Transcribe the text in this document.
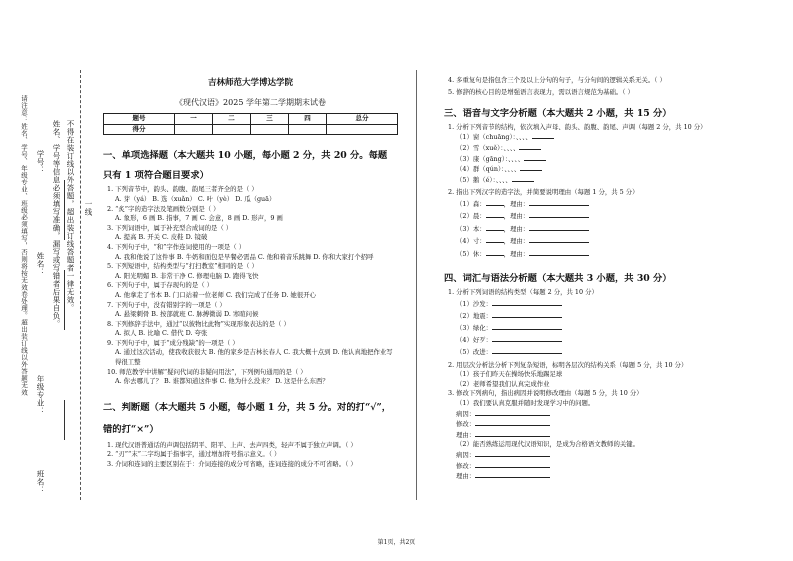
学号：
姓名：
年级专业：
班名：
姓名、学号等信息必须填写准确，漏写或写错者后果自负。 不得在装订线以外答题，超出装订线答题者一律无效。
请注意：姓名、学号、年级专业、班级必须填写，否则将按无效卷处理。超出装订线以外答题无效	一线
吉林师范大学博达学院
《现代汉语》2025 学年第二学期期末试卷
题号	一	二	三	四	总分
得分					
一、单项选择题（本大题共 10 小题，每小题 2 分，共 20 分。每题
只有 1 项符合题目要求）
1. 下列音节中，韵头、韵腹、韵尾三者齐全的是（ ）
A. 芽（yá） B. 选（xuǎn） C. 叶（yè） D. 瓜（guā）
2. “炙”字的造字法及笔画数分别是（ ）
A. 象形，6 画 B. 指事，7 画 C. 会意，8 画 D. 形声，9 画
3. 下列词语中，属于补充型合成词的是（ ）
A. 提高 B. 开关 C. 皮鞋 D. 镜破
4. 下列句子中，“和”字作连词使用的一项是（ ）
A. 我和他说了这件事 B. 牛奶和面包是早餐必需品 C. 他和着音乐跳舞 D. 你和大家打个招呼
5. 下列短语中，结构类型与“打扫教室”相同的是（ ）
A. 阳光明媚 B. 非常干净 C. 修理电脑 D. 跑得飞快
6. 下列句子中，属于存现句的是（ ）
A. 他拿走了书本 B. 门口站着一位老师 C. 我们完成了任务 D. 她很开心
7. 下列句子中，没有错别字的一项是（ ）
A. 悬梁刺骨 B. 按部就班 C. 脉搏微弱 D. 寒暄问候
8. 下列修辞手法中，通过“以彼物比此物”实现形象表达的是（ ）
A. 拟人 B. 比喻 C. 借代 D. 夸张
9. 下列句子中，属于“成分残缺”的一项是（ ）
A. 通过这次活动，使我收获很大 B. 他的家乡是吉林长春人 C. 我大概十点到 D. 他认真地把作业写得很工整
10. 师范教学中讲解“疑问代词的非疑问用法”，下列例句通用的是（ ）
A. 你去哪儿了？ B. 谁都知道这件事 C. 他为什么没来？ D. 这是什么东西？
二、判断题（本大题共 5 小题，每小题 1 分，共 5 分。对的打“√”，
错的打“×”）
1. 现代汉语普通话的声调包括阴平、阳平、上声、去声四类，轻声不属于独立声调。（ ）
2. “刃”“末”二字均属于指事字，通过增加符号指示意义。（ ）
3. 介词和连词的主要区别在于：介词连接的成分可省略，连词连接的成分不可省略。（ ）
4. 多重复句是指包含三个及以上分句的句子，与分句间的逻辑关系无关。（ ）
5. 修辞的核心目的是增强语言表现力，需以语言规范为基础。（ ）
三、语音与文字分析题（本大题共 2 小题，共 15 分）
1. 分析下列音节的结构，依次填入声母、韵头、韵腹、韵尾、声调（每题 2 分，共 10 分）
（1）窗（chuāng）：、、、、
（2）雪（xuě）：、、、、
（3）康（gāng）：、、、、
（4）群（qún）：、、、、
（5）鹅（é）：、、、、
2. 指出下列汉字的造字法，并简要说明理由（每题 1 分，共 5 分）
（1）森：	，理由：
（2）晨：	，理由：
（3）本：	，理由：
（4）寸：	，理由：
（5）休：	，理由：
四、词汇与语法分析题（本大题共 3 小题，共 30 分）
1. 分析下列词语的结构类型（每题 2 分，共 10 分）
（1）沙发：
（2）地震：
（3）绿化：
（4）好歹：
（5）改进：
2. 用层次分析法分析下列复杂短语，标明各层次的结构关系（每题 5 分，共 10 分）
（1）孩子们昨天在操场快乐地踢足球
（2）老师希望我们认真完成作业
3. 修改下列病句，指出病因并说明修改理由（每题 5 分，共 10 分）
（1）我们要认真克服并随时发现学习中的问题。
病因：
修改：
理由：
（2）能否熟练运用现代汉语知识，是成为合格语文教师的关键。
病因：
修改：
理由：
第1页，共2页
